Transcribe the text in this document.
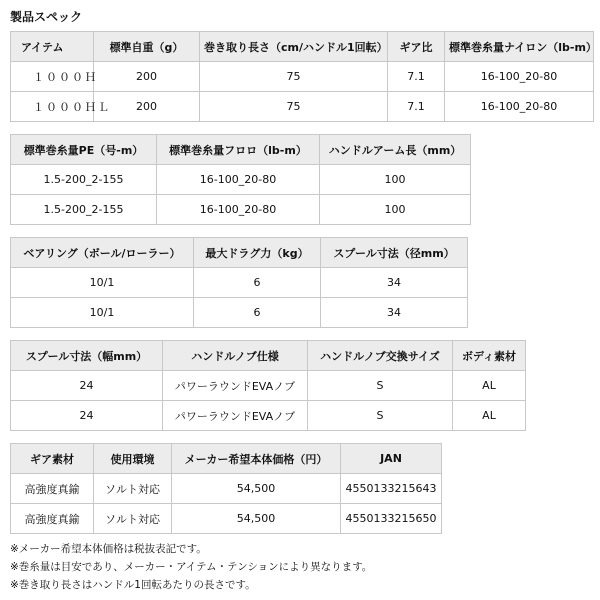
製品スペック
アイテム	標準自重（g）	巻き取り長さ（cm/ハンドル1回転）	ギア比	標準巻糸量ナイロン（lb-m）
１０００Ｈ	200	75	7.1	16-100_20-80
１０００ＨＬ	200	75	7.1	16-100_20-80
標準巻糸量PE（号-m）	標準巻糸量フロロ（lb-m）	ハンドルアーム長（mm）
1.5-200_2-155	16-100_20-80	100
1.5-200_2-155	16-100_20-80	100
ベアリング（ボール/ローラー）	最大ドラグ力（kg）	スプール寸法（径mm）
10/1	6	34
10/1	6	34
スプール寸法（幅mm）	ハンドルノブ仕様	ハンドルノブ交換サイズ	ボディ素材
24	パワーラウンドEVAノブ	S	AL
24	パワーラウンドEVAノブ	S	AL
ギア素材	使用環境	メーカー希望本体価格（円）	JAN
高強度真鍮	ソルト対応	54,500	4550133215643
高強度真鍮	ソルト対応	54,500	4550133215650
※メーカー希望本体価格は税抜表記です。
※巻糸量は目安であり、メーカー・アイテム・テンションにより異なります。
※巻き取り長さはハンドル1回転あたりの長さです。
